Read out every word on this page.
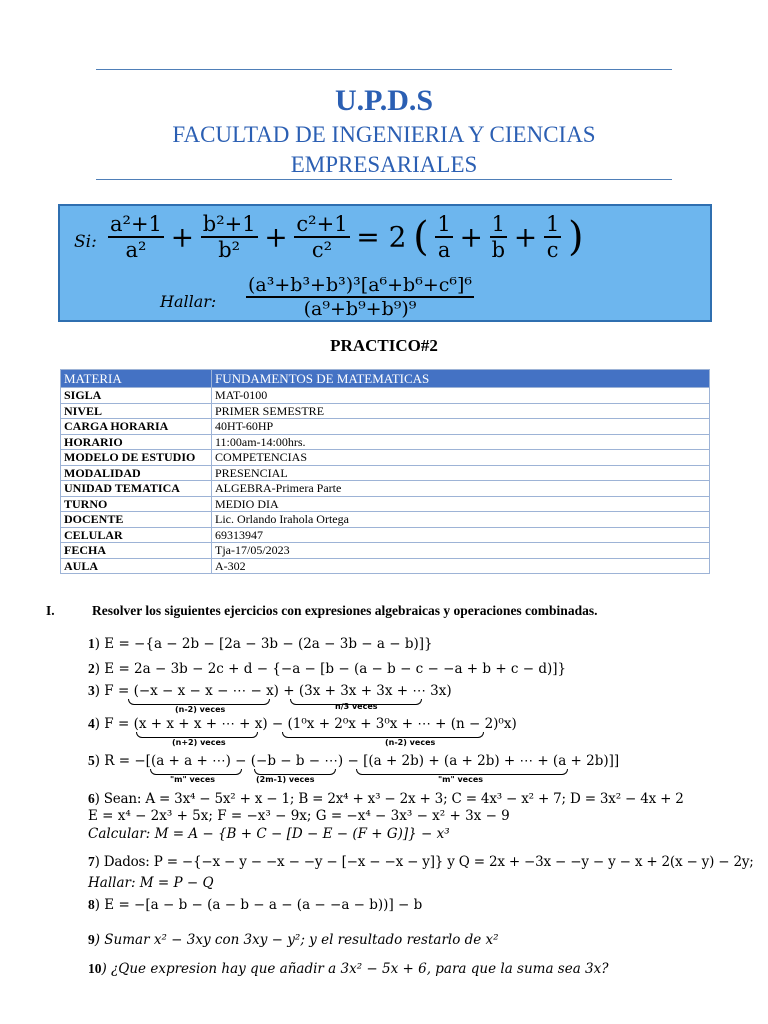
U.P.D.S
FACULTAD DE INGENIERIA Y CIENCIAS EMPRESARIALES
Si: $\frac{\text{a²+1}}{\text{a²}} + \frac{\text{b²+1}}{\text{b²}} + \frac{\text{c²+1}}{\text{c²}} = 2$ ( $\frac{1}{a} + \frac{1}{b} + \frac{1}{c}$ )
Hallar: $\frac{\text{(a³+b³+b³)³[a⁶+b⁶+c⁶]⁶}}{\text{(a⁹+b⁹+b⁹)⁹}}$
PRACTICO#2
MATERIA	FUNDAMENTOS DE MATEMATICAS
SIGLA	MAT-0100
NIVEL	PRIMER SEMESTRE
CARGA HORARIA	40HT-60HP
HORARIO	11:00am-14:00hrs.
MODELO DE ESTUDIO	COMPETENCIAS
MODALIDAD	PRESENCIAL
UNIDAD TEMATICA	ALGEBRA-Primera Parte
TURNO	MEDIO DIA
DOCENTE	Lic. Orlando Irahola Ortega
CELULAR	69313947
FECHA	Tja-17/05/2023
AULA	A-302
I.	Resolver los siguientes ejercicios con expresiones algebraicas y operaciones combinadas.
1) E = −{a − 2b − [2a − 3b − (2a − 3b − a − b)]}
2) E = 2a − 3b − 2c + d − {−a − [b − (a − b − c − −a + b + c − d)]}
3) F = (−x − x − x − ⋯ − x) + (3x + 3x + 3x + ⋯ 3x)
(n-2) veces	n/3 veces
4) F = (x + x + x + ⋯ + x) − (1⁰x + 2⁰x + 3⁰x + ⋯ + (n − 2)⁰x)
(n+2) veces	(n-2) veces
5) R = −[(a + a + ⋯) − (−b − b − ⋯) − [(a + 2b) + (a + 2b) + ⋯ + (a + 2b)]]
"m" veces	(2m-1) veces	"m" veces
6) Sean: A = 3x⁴ − 5x² + x − 1; B = 2x⁴ + x³ − 2x + 3; C = 4x³ − x² + 7; D = 3x² − 4x + 2
E = x⁴ − 2x³ + 5x; F = −x³ − 9x; G = −x⁴ − 3x³ − x² + 3x − 9
Calcular: M = A − {B + C − [D − E − (F + G)]} − x³
7) Dados: P = −{−x − y − −x − −y − [−x − −x − y]} y Q = 2x + −3x − −y − y − x + 2(x − y) − 2y;
Hallar: M = P − Q
8) E = −[a − b − (a − b − a − (a − −a − b))] − b
9) Sumar x² − 3xy con 3xy − y²; y el resultado restarlo de x²
10) ¿Que expresion hay que añadir a 3x² − 5x + 6, para que la suma sea 3x?
